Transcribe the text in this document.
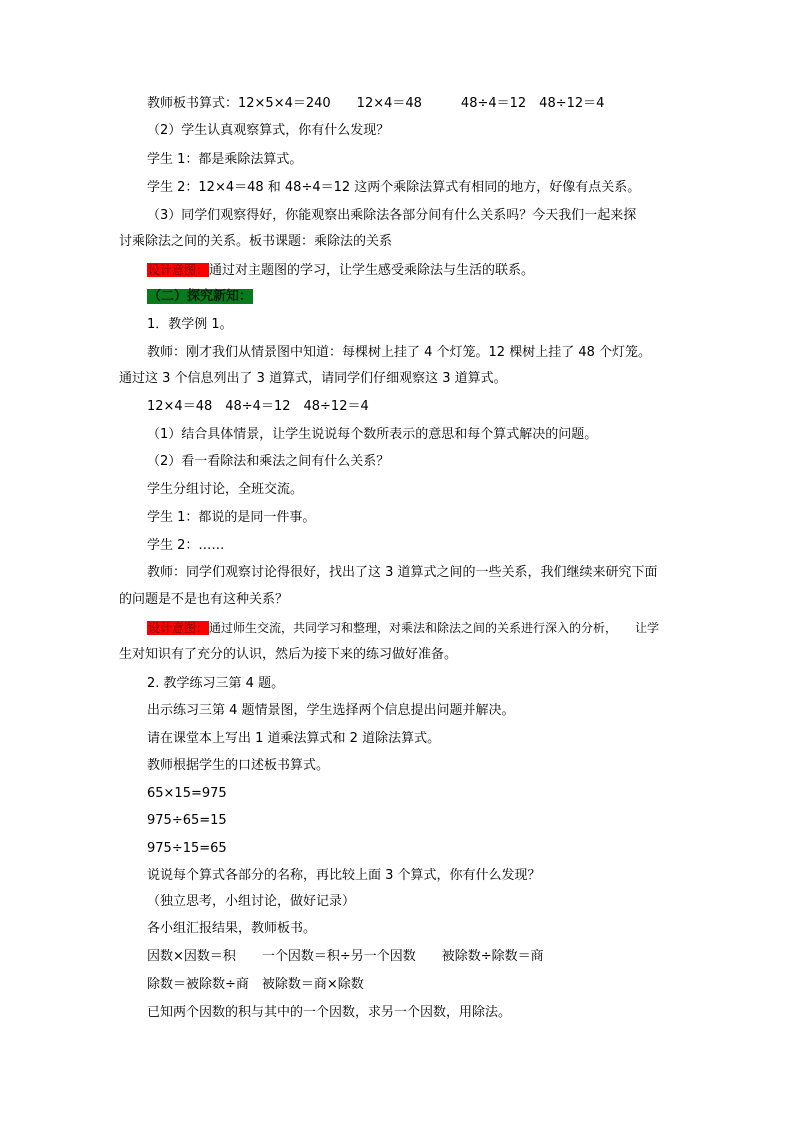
教师板书算式：12×5×4＝240　　12×4＝48　　　48÷4＝12　48÷12＝4
（2）学生认真观察算式，你有什么发现？
学生 1：都是乘除法算式。
学生 2：12×4＝48 和 48÷4＝12 这两个乘除法算式有相同的地方，好像有点关系。
（3）同学们观察得好，你能观察出乘除法各部分间有什么关系吗？今天我们一起来探
讨乘除法之间的关系。板书课题：乘除法的关系
设计意图：通过对主题图的学习，让学生感受乘除法与生活的联系。
（二）探究新知：
1．教学例 1。
教师：刚才我们从情景图中知道：每棵树上挂了 4 个灯笼。12 棵树上挂了 48 个灯笼。
通过这 3 个信息列出了 3 道算式，请同学们仔细观察这 3 道算式。
12×4＝48　48÷4＝12　48÷12＝4
（1）结合具体情景，让学生说说每个数所表示的意思和每个算式解决的问题。
（2）看一看除法和乘法之间有什么关系？
学生分组讨论，全班交流。
学生 1：都说的是同一件事。
学生 2：……
教师：同学们观察讨论得很好，找出了这 3 道算式之间的一些关系，我们继续来研究下面
的问题是不是也有这种关系？
设计意图：通过师生交流，共同学习和整理，对乘法和除法之间的关系进行深入的分析，　　让学
生对知识有了充分的认识，然后为接下来的练习做好准备。
2. 教学练习三第 4 题。
出示练习三第 4 题情景图，学生选择两个信息提出问题并解决。
请在课堂本上写出 1 道乘法算式和 2 道除法算式。
教师根据学生的口述板书算式。
65×15=975
975÷65=15
975÷15=65
说说每个算式各部分的名称，再比较上面 3 个算式，你有什么发现？
（独立思考，小组讨论，做好记录）
各小组汇报结果，教师板书。
因数×因数＝积　　一个因数＝积÷另一个因数　　被除数÷除数＝商
除数＝被除数÷商　被除数＝商×除数
已知两个因数的积与其中的一个因数，求另一个因数，用除法。
